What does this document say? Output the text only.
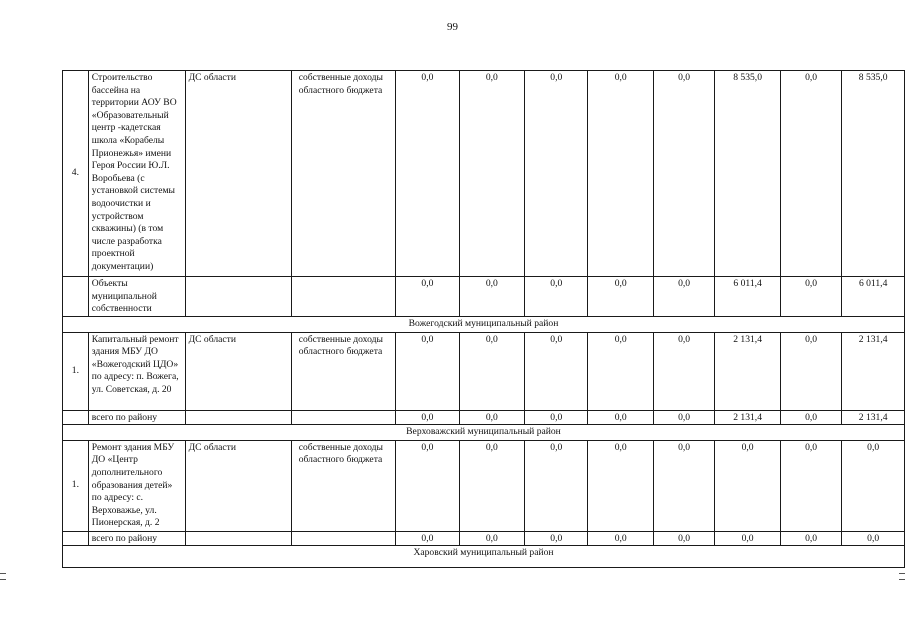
99
4.	Строительство бассейна на территории АОУ ВО «Образовательный центр -кадетская школа «Корабелы Прионежья» имени Героя России Ю.Л. Воробьева (с установкой системы водоочистки и устройством скважины) (в том числе разработка проектной документации)	ДС области	собственные доходы областного бюджета	0,0	0,0	0,0	0,0	0,0	8 535,0	0,0	8 535,0
	Объекты муниципальной собственности			0,0	0,0	0,0	0,0	0,0	6 011,4	0,0	6 011,4
Вожегодский муниципальный район											
1.	Капитальный ремонт здания МБУ ДО «Вожегодский ЦДО» по адресу: п. Вожега, ул. Советская, д. 20	ДС области	собственные доходы областного бюджета	0,0	0,0	0,0	0,0	0,0	2 131,4	0,0	2 131,4
	всего по району			0,0	0,0	0,0	0,0	0,0	2 131,4	0,0	2 131,4
Верховажский муниципальный район											
1.	Ремонт здания МБУ ДО «Центр дополнительного образования детей» по адресу: с. Верховажье, ул. Пионерская, д. 2	ДС области	собственные доходы областного бюджета	0,0	0,0	0,0	0,0	0,0	0,0	0,0	0,0
	всего по району			0,0	0,0	0,0	0,0	0,0	0,0	0,0	0,0
Харовский муниципальный район											
